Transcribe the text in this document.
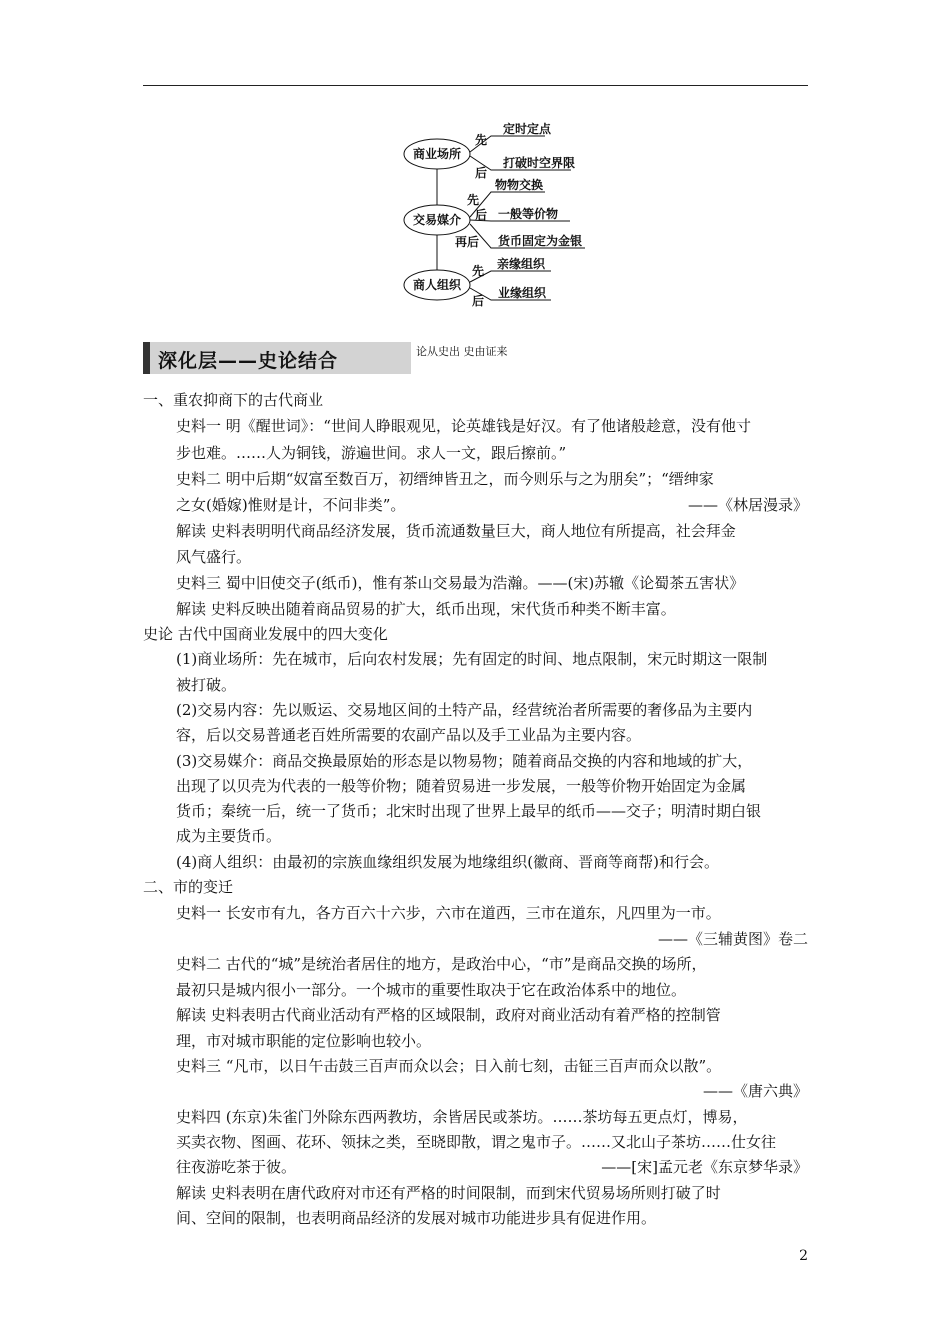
商业场所
交易媒介
商人组织
先
定时定点
后
打破时空界限
先
物物交换
后 一般等价物
再后 货币固定为金银
先 亲缘组织
后
业缘组织
深化层——史论结合	论从史出 史由证来
一、重农抑商下的古代商业
史料一 明《醒世词》：“世间人睁眼观见，论英雄钱是好汉。有了他诸般趁意，没有他寸
步也难。……人为铜钱，游遍世间。求人一文，跟后擦前。”
史料二 明中后期“奴富至数百万，初缙绅皆丑之，而今则乐与之为朋矣”；“缙绅家
之女(婚嫁)惟财是计，不问非类”。	——《林居漫录》
解读 史料表明明代商品经济发展，货币流通数量巨大，商人地位有所提高，社会拜金
风气盛行。
史料三 蜀中旧使交子(纸币)，惟有茶山交易最为浩瀚。——(宋)苏辙《论蜀茶五害状》
解读 史料反映出随着商品贸易的扩大，纸币出现，宋代货币种类不断丰富。
史论 古代中国商业发展中的四大变化
(1)商业场所：先在城市，后向农村发展；先有固定的时间、地点限制，宋元时期这一限制
被打破。
(2)交易内容：先以贩运、交易地区间的土特产品，经营统治者所需要的奢侈品为主要内
容，后以交易普通老百姓所需要的农副产品以及手工业品为主要内容。
(3)交易媒介：商品交换最原始的形态是以物易物；随着商品交换的内容和地域的扩大，
出现了以贝壳为代表的一般等价物；随着贸易进一步发展，一般等价物开始固定为金属
货币；秦统一后，统一了货币；北宋时出现了世界上最早的纸币——交子；明清时期白银
成为主要货币。
(4)商人组织：由最初的宗族血缘组织发展为地缘组织(徽商、晋商等商帮)和行会。
二、市的变迁
史料一 长安市有九，各方百六十六步，六市在道西，三市在道东，凡四里为一市。
——《三辅黄图》卷二
史料二 古代的“城”是统治者居住的地方，是政治中心，“市”是商品交换的场所，
最初只是城内很小一部分。一个城市的重要性取决于它在政治体系中的地位。
解读 史料表明古代商业活动有严格的区域限制，政府对商业活动有着严格的控制管
理，市对城市职能的定位影响也较小。
史料三 “凡市，以日午击鼓三百声而众以会；日入前七刻，击钲三百声而众以散”。
——《唐六典》
史料四 (东京)朱雀门外除东西两教坊，余皆居民或茶坊。……茶坊每五更点灯，博易，
买卖衣物、图画、花环、领抹之类，至晓即散，谓之鬼市子。……又北山子茶坊……仕女往
往夜游吃茶于彼。	——[宋]孟元老《东京梦华录》
解读 史料表明在唐代政府对市还有严格的时间限制，而到宋代贸易场所则打破了时
间、空间的限制，也表明商品经济的发展对城市功能进步具有促进作用。
2
